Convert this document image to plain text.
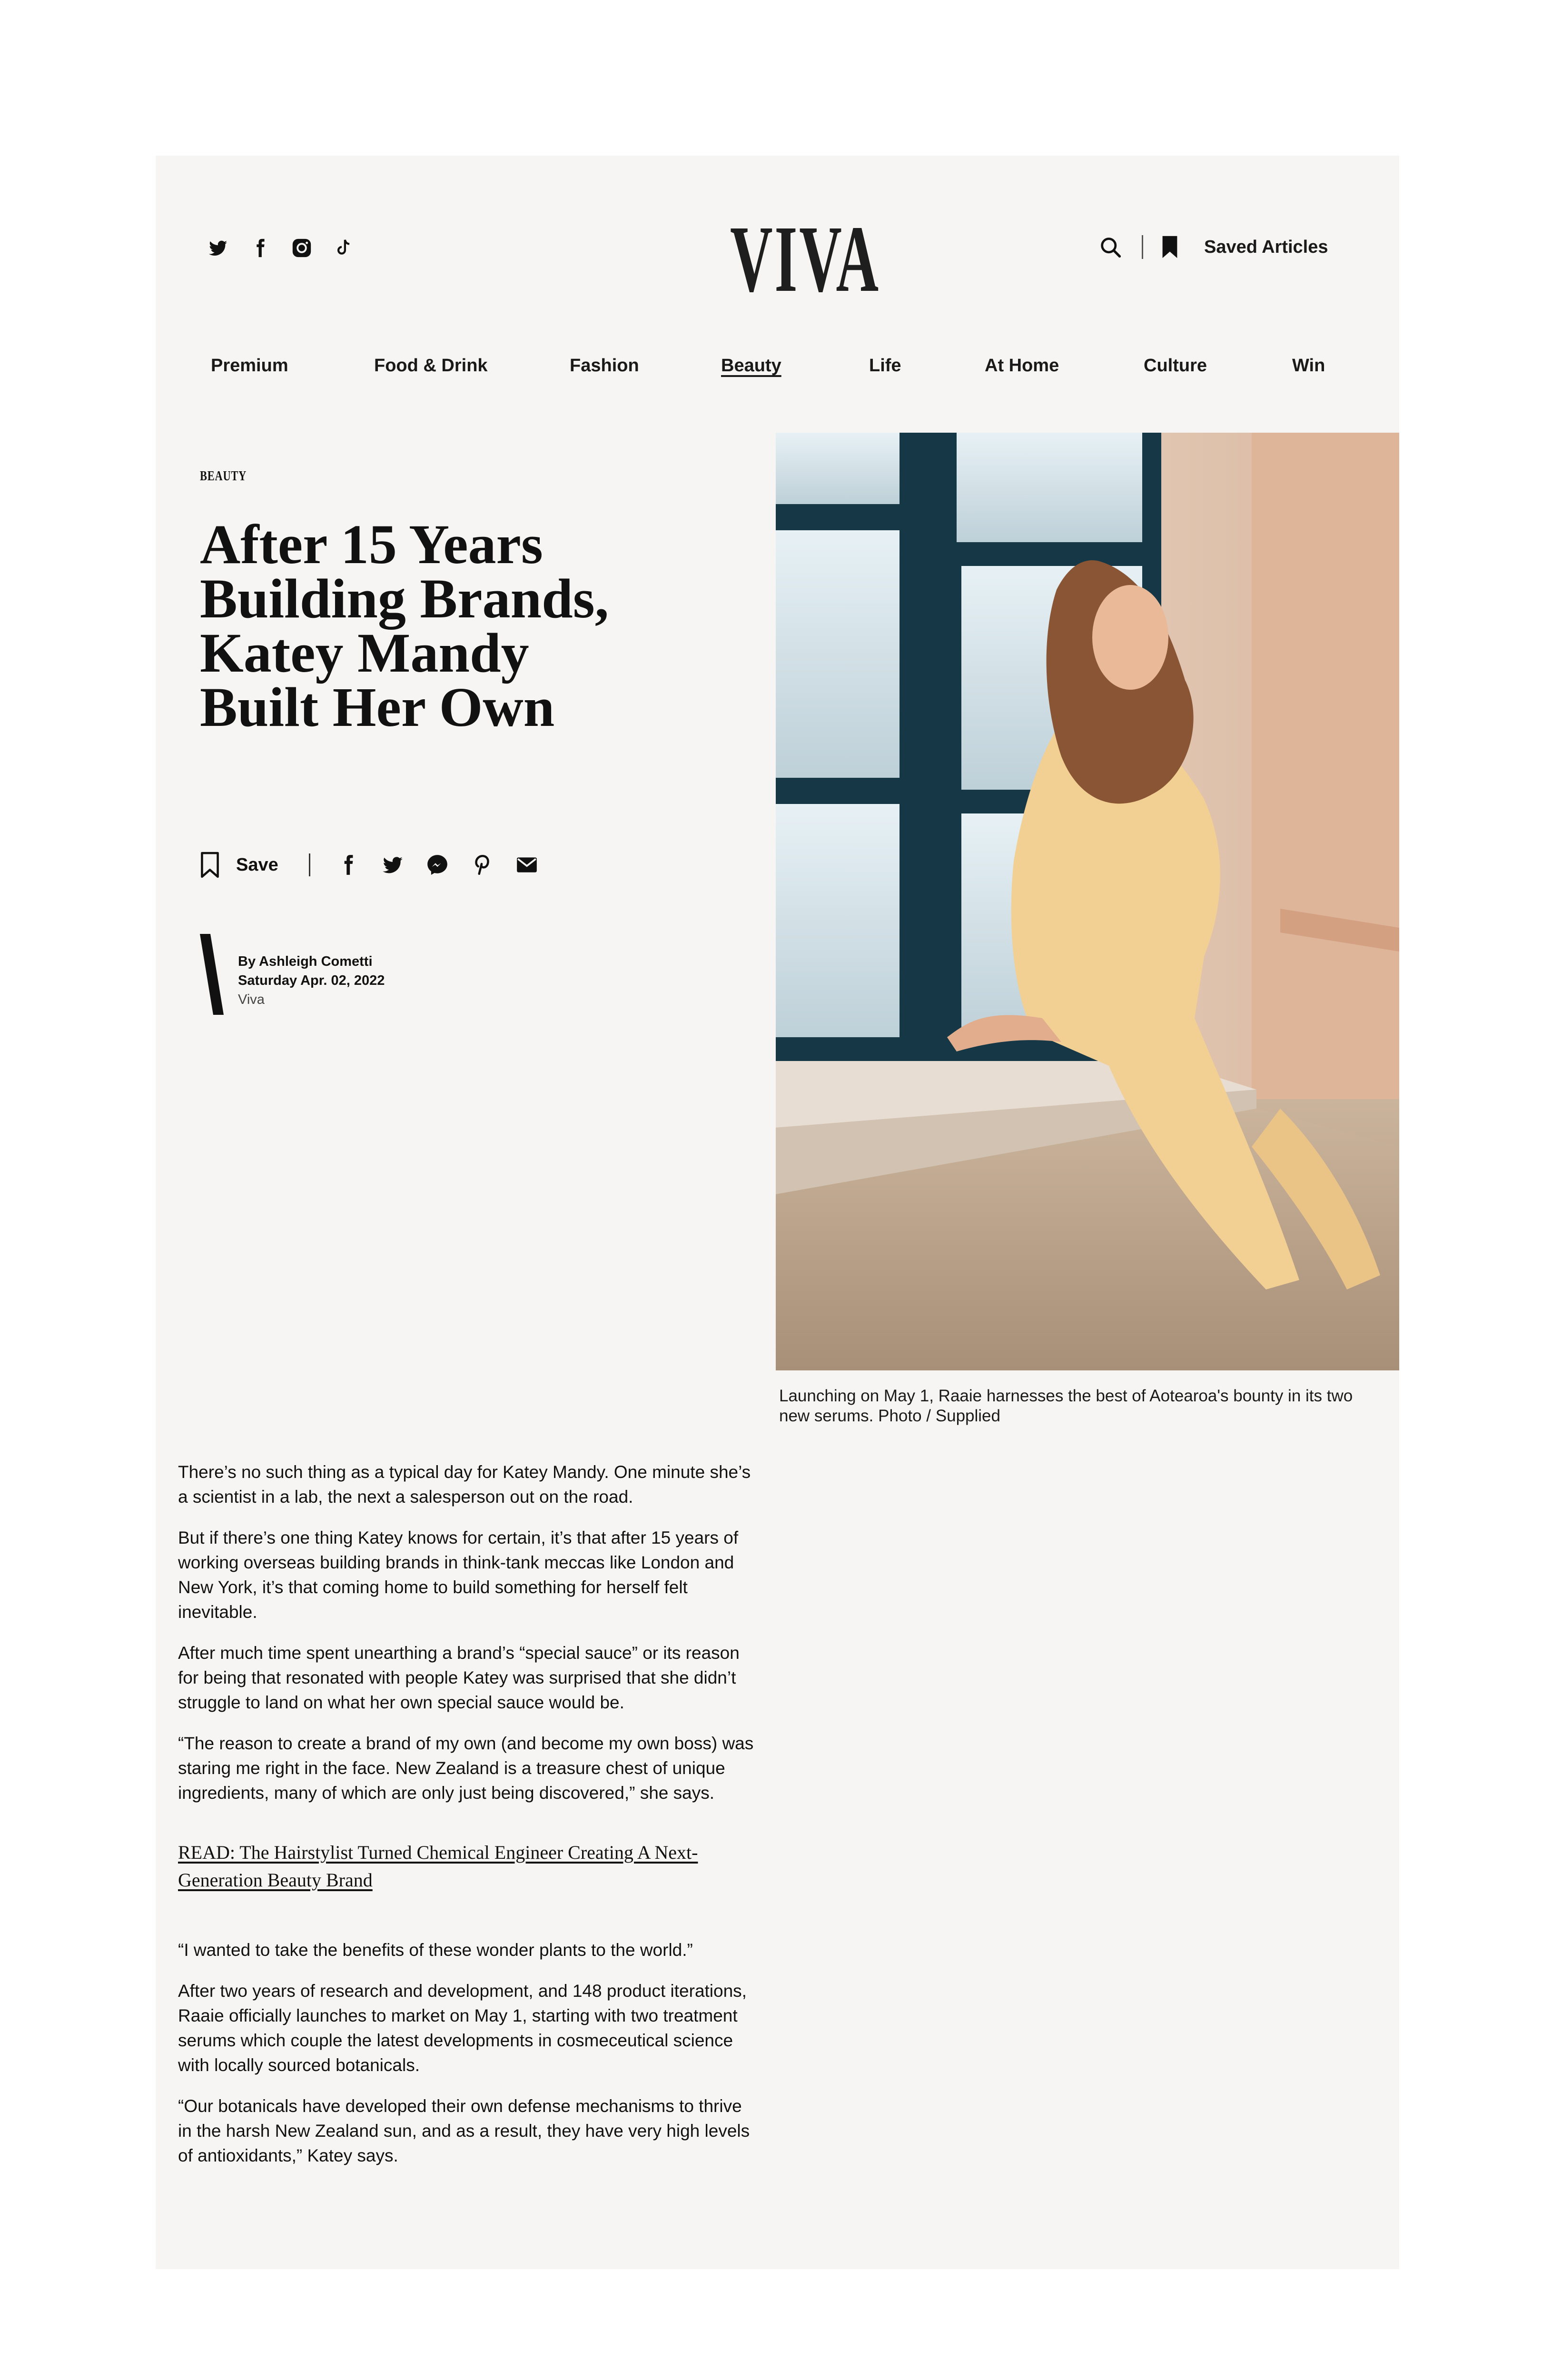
VIVA	Saved Articles
Premium	Food & Drink	Fashion	Beauty	Life	At Home	Culture	Win
BEAUTY
After 15 Years Building Brands, Katey Mandy Built Her Own
Save
By Ashleigh Cometti
Saturday Apr. 02, 2022
Viva
Launching on May 1, Raaie harnesses the best of Aotearoa's bounty in its two new serums. Photo / Supplied

There’s no such thing as a typical day for Katey Mandy. One minute she’s a scientist in a lab, the next a salesperson out on the road.

But if there’s one thing Katey knows for certain, it’s that after 15 years of working overseas building brands in think-tank meccas like London and New York, it’s that coming home to build something for herself felt inevitable.

After much time spent unearthing a brand’s “special sauce” or its reason for being that resonated with people Katey was surprised that she didn’t struggle to land on what her own special sauce would be.

“The reason to create a brand of my own (and become my own boss) was staring me right in the face. New Zealand is a treasure chest of unique ingredients, many of which are only just being discovered,” she says.

READ: The Hairstylist Turned Chemical Engineer Creating A Next-Generation Beauty Brand

“I wanted to take the benefits of these wonder plants to the world.”

After two years of research and development, and 148 product iterations, Raaie officially launches to market on May 1, starting with two treatment serums which couple the latest developments in cosmeceutical science with locally sourced botanicals.

“Our botanicals have developed their own defense mechanisms to thrive in the harsh New Zealand sun, and as a result, they have very high levels of antioxidants,” Katey says.
